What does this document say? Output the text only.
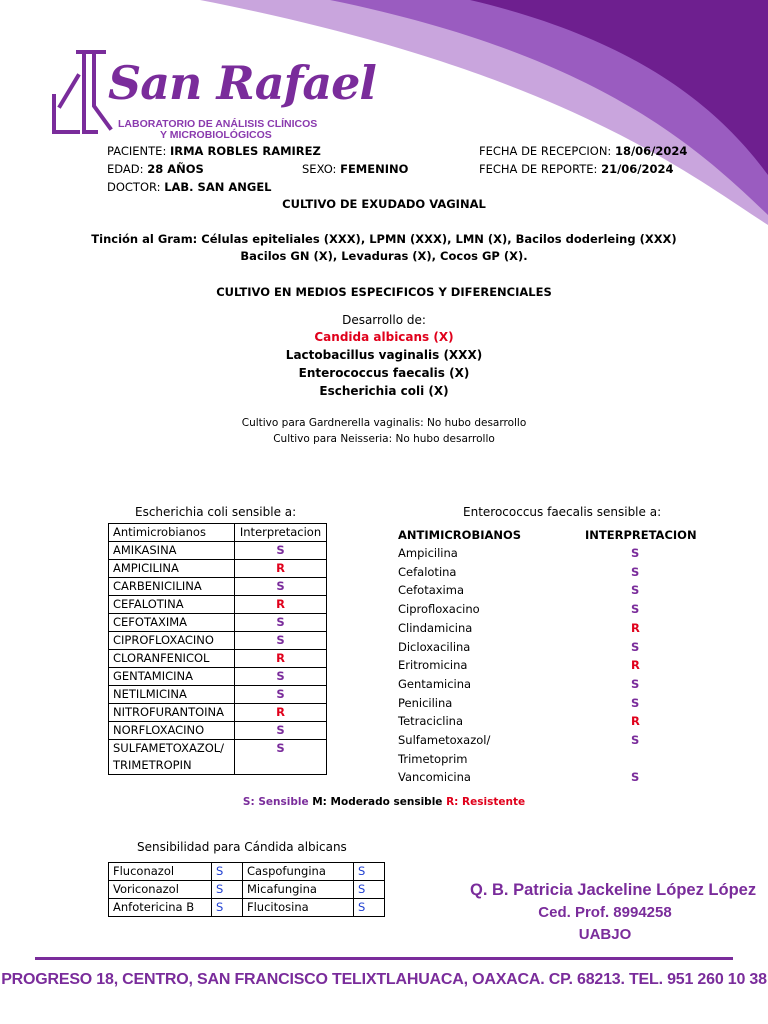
San Rafael
LABORATORIO DE ANÁLISIS CLÍNICOS
Y MICROBIOLÓGICOS
PACIENTE: IRMA ROBLES RAMIREZ
EDAD: 28 AÑOS	SEXO: FEMENINO
DOCTOR: LAB. SAN ANGEL
FECHA DE RECEPCION: 18/06/2024
FECHA DE REPORTE: 21/06/2024
CULTIVO DE EXUDADO VAGINAL
Tinción al Gram: Células epiteliales (XXX), LPMN (XXX), LMN (X), Bacilos doderleing (XXX)
Bacilos GN (X), Levaduras (X), Cocos GP (X).
CULTIVO EN MEDIOS ESPECIFICOS Y DIFERENCIALES
Desarrollo de:
Candida albicans (X)
Lactobacillus vaginalis (XXX)
Enterococcus faecalis (X)
Escherichia coli (X)
Cultivo para Gardnerella vaginalis: No hubo desarrollo
Cultivo para Neisseria: No hubo desarrollo
Escherichia coli sensible a:
Antimicrobianos	Interpretacion
AMIKASINA	S
AMPICILINA	R
CARBENICILINA	S
CEFALOTINA	R
CEFOTAXIMA	S
CIPROFLOXACINO	S
CLORANFENICOL	R
GENTAMICINA	S
NETILMICINA	S
NITROFURANTOINA	R
NORFLOXACINO	S

SULFAMETOXAZOL/
TRIMETROPIN	S
Enterococcus faecalis sensible a:
ANTIMICROBIANOS	INTERPRETACION
Ampicilina	S
Cefalotina	S
Cefotaxima	S
Ciprofloxacino	S
Clindamicina	R
Dicloxacilina	S
Eritromicina	R
Gentamicina	S
Penicilina	S
Tetraciclina	R
Sulfametoxazol/	S
Trimetoprim
Vancomicina	S
S: Sensible M: Moderado sensible R: Resistente
Sensibilidad para Cándida albicans
Fluconazol	S	Caspofungina	S
Voriconazol	S	Micafungina	S
Anfotericina B	S	Flucitosina	S
Q. B. Patricia Jackeline López López
Ced. Prof. 8994258
UABJO
PROGRESO 18, CENTRO, SAN FRANCISCO TELIXTLAHUACA, OAXACA. CP. 68213. TEL. 951 260 10 38
